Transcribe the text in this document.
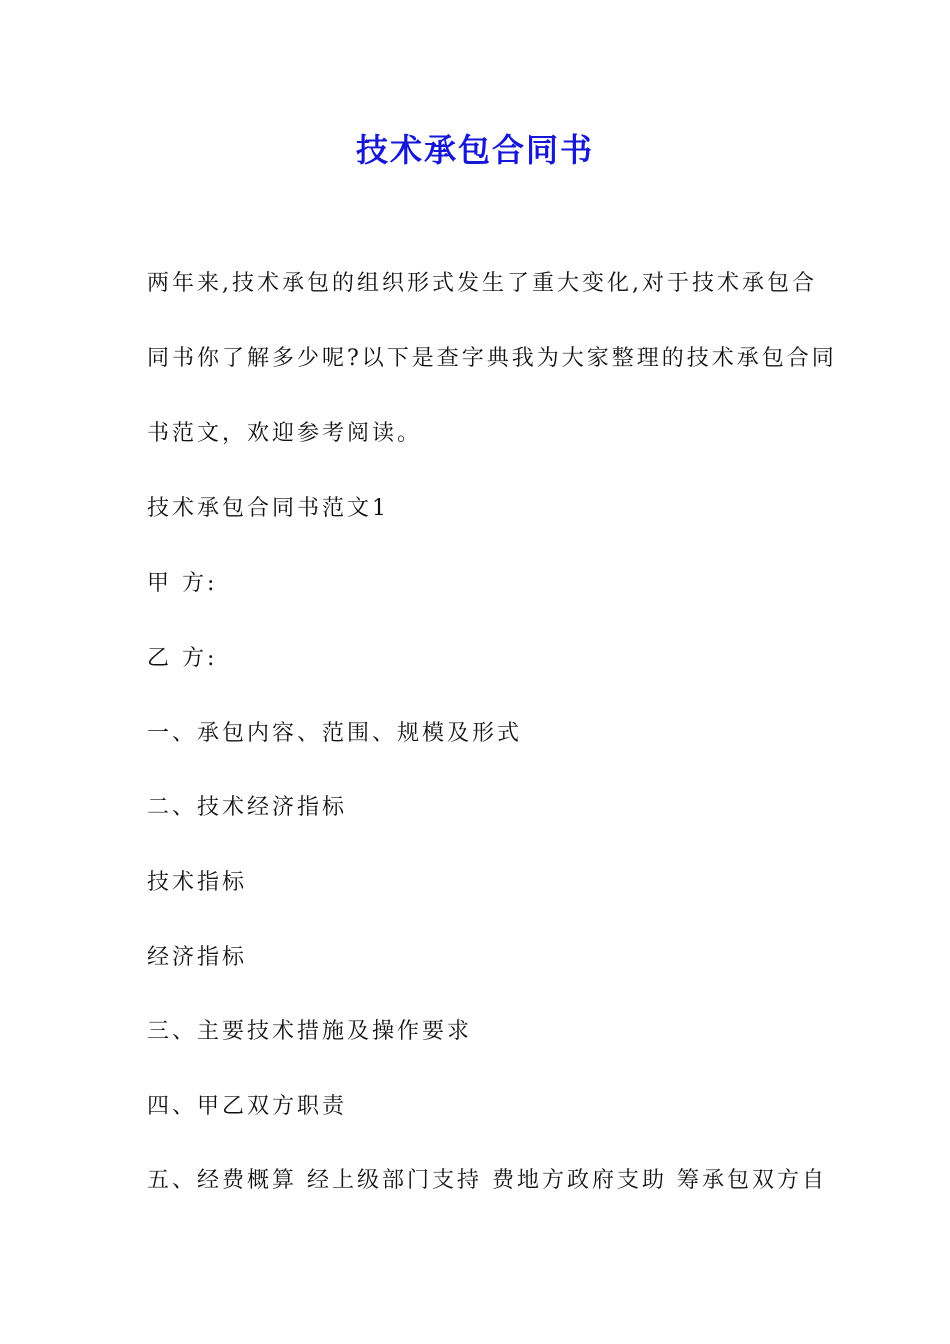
技术承包合同书

两年来,技术承包的组织形式发生了重大变化,对于技术承包合

同书你了解多少呢?以下是查字典我为大家整理的技术承包合同

书范文，欢迎参考阅读。

技术承包合同书范文1

甲 方:

乙 方:

一、承包内容、范围、规模及形式

二、技术经济指标

技术指标

经济指标

三、主要技术措施及操作要求

四、甲乙双方职责

五、经费概算 经上级部门支持 费地方政府支助 筹承包双方自
